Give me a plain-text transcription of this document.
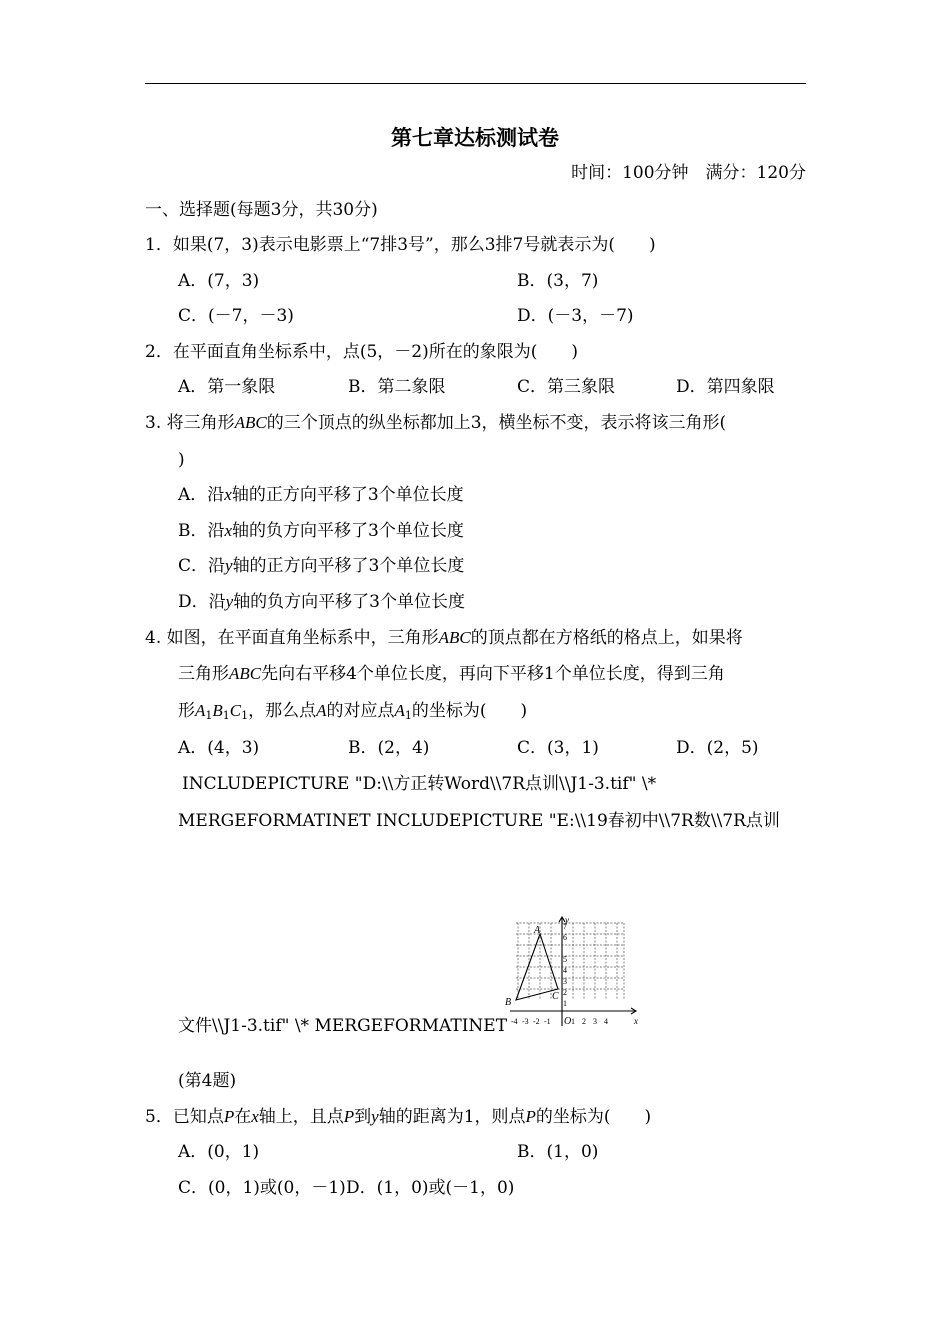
第七章达标测试卷
时间：100分钟　满分：120分
一、选择题(每题3分，共30分)
1．如果(7，3)表示电影票上“7排3号”，那么3排7号就表示为(　　)
A．(7，3)	B．(3，7)
C．(－7，－3)	D．(－3，－7)
2．在平面直角坐标系中，点(5，－2)所在的象限为(　　)
A．第一象限	B．第二象限	C．第三象限	D．第四象限
3. 将三角形ABC的三个顶点的纵坐标都加上3，横坐标不变，表示将该三角形(
)
A．沿x轴的正方向平移了3个单位长度
B．沿x轴的负方向平移了3个单位长度
C．沿y轴的正方向平移了3个单位长度
D．沿y轴的负方向平移了3个单位长度
4. 如图，在平面直角坐标系中，三角形ABC的顶点都在方格纸的格点上，如果将
三角形ABC先向右平移4个单位长度，再向下平移1个单位长度，得到三角
形$A_1B_1C_1$，那么点A的对应点$A_1$的坐标为(　　)
A．(4，3)	B．(2，4)	C．(3，1)	D．(2，5)
INCLUDEPICTURE "D:\\方正转Word\\7R点训\\J1-3.tif" \*
MERGEFORMATINET INCLUDEPICTURE "E:\\19春初中\\7R数\\7R点训
文件\\J1-3.tif" \* MERGEFORMATINET
y
x
O
A
B
C
-4 -3 -2 -1	1 2 3 4
1
2
3
4
5
6
7
(第4题)
5．已知点P在x轴上，且点P到y轴的距离为1，则点P的坐标为(　　)
A．(0，1)	B．(1，0)
C．(0，1)或(0，－1) D．(1，0)或(－1，0)
